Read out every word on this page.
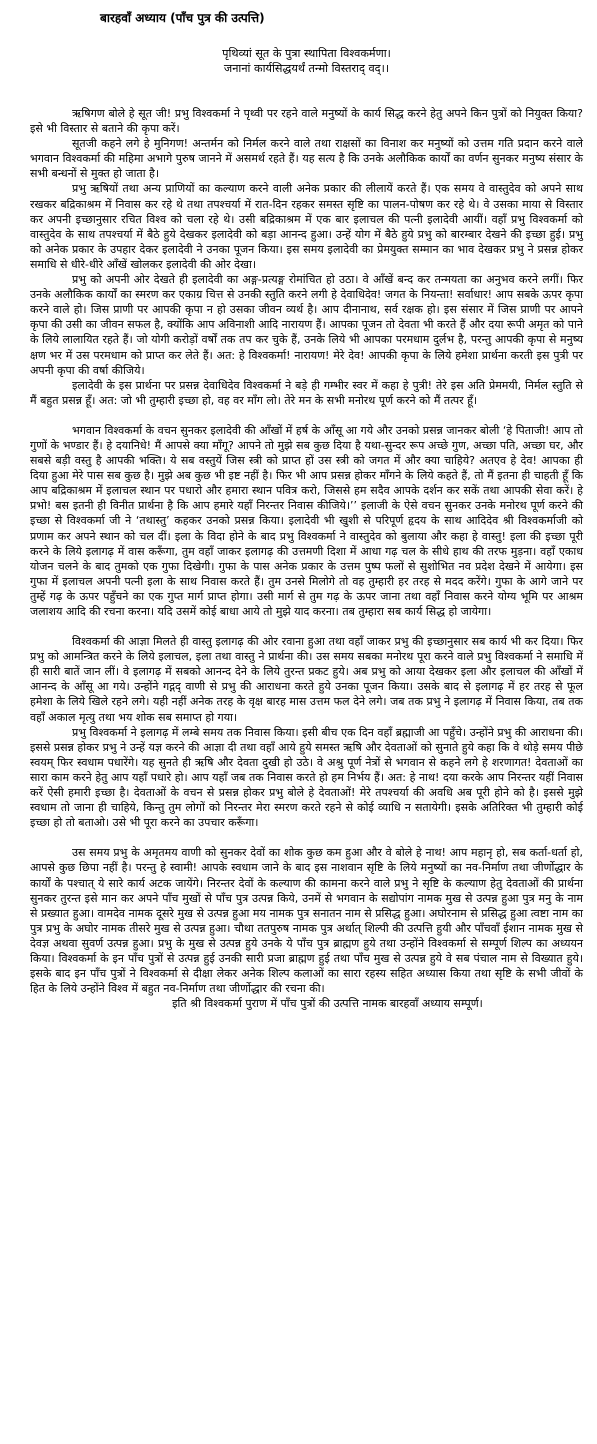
बारहवाँ अध्याय (पाँच पुत्र की उत्पत्ति)
पृथिव्यां सूत के पुत्रा स्थापिता विश्वकर्मणा।
जनानां कार्यसिद्धयर्थं तन्मो विस्तराद् वद्।।

ऋषिगण बोले हे सूत जी! प्रभु विश्वकर्मा ने पृथ्वी पर रहने वाले मनुष्यों के कार्य सिद्ध करने हेतु अपने किन पुत्रों को नियुक्त किया? इसे भी विस्तार से बताने की कृपा करें।

सूतजी कहने लगे हे मुनिगण! अन्तर्मन को निर्मल करने वाले तथा राक्षसों का विनाश कर मनुष्यों को उत्तम गति प्रदान करने वाले भगवान विश्वकर्मा की महिमा अभागे पुरुष जानने में असमर्थ रहते हैं। यह सत्य है कि उनके अलौकिक कार्यों का वर्णन सुनकर मनुष्य संसार के सभी बन्धनों से मुक्त हो जाता है।

प्रभु ऋषियों तथा अन्य प्राणियों का कल्याण करने वाली अनेक प्रकार की लीलायें करते हैं। एक समय वे वास्तुदेव को अपने साथ रखकर बद्रिकाश्रम में निवास कर रहे थे तथा तपश्चर्या में रात-दिन रहकर समस्त सृष्टि का पालन-पोषण कर रहे थे। वे उसका माया से विस्तार कर अपनी इच्छानुसार रचित विश्व को चला रहे थे। उसी बद्रिकाश्रम में एक बार इलाचल की पत्नी इलादेवी आयीं। वहाँ प्रभु विश्वकर्मा को वास्तुदेव के साथ तपश्चर्या में बैठे हुये देखकर इलादेवी को बड़ा आनन्द हुआ। उन्हें योग में बैठे हुये प्रभु को बारम्बार देखने की इच्छा हुई। प्रभु को अनेक प्रकार के उपहार देकर इलादेवी ने उनका पूजन किया। इस समय इलादेवी का प्रेमयुक्त सम्मान का भाव देखकर प्रभु ने प्रसन्न होकर समाधि से धीरे-धीरे आँखें खोलकर इलादेवी की ओर देखा।

प्रभु को अपनी ओर देखते ही इलादेवी का अङ्ग-प्रत्यङ्ग रोमांचित हो उठा। वे आँखें बन्द कर तन्मयता का अनुभव करने लगीं। फिर उनके अलौकिक कार्यों का स्मरण कर एकाग्र चित्त से उनकी स्तुति करने लगी हे देवाधिदेव! जगत के नियन्ता! सर्वाधार! आप सबके ऊपर कृपा करने वाले हो। जिस प्राणी पर आपकी कृपा न हो उसका जीवन व्यर्थ है। आप दीनानाथ, सर्व रक्षक हो। इस संसार में जिस प्राणी पर आपने कृपा की उसी का जीवन सफल है, क्योंकि आप अविनाशी आदि नारायण हैं। आपका पूजन तो देवता भी करते हैं और दया रूपी अमृत को पाने के लिये लालायित रहते हैं। जो योगी करोड़ों वर्षों तक तप कर चुके हैं, उनके लिये भी आपका परमधाम दुर्लभ है, परन्तु आपकी कृपा से मनुष्य क्षण भर में उस परमधाम को प्राप्त कर लेते हैं। अत: हे विश्वकर्मा! नारायण! मेरे देव! आपकी कृपा के लिये हमेशा प्रार्थना करती इस पुत्री पर अपनी कृपा की वर्षा कीजिये।

इलादेवी के इस प्रार्थना पर प्रसन्न देवाधिदेव विश्वकर्मा ने बड़े ही गम्भीर स्वर में कहा हे पुत्री! तेरे इस अति प्रेममयी, निर्मल स्तुति से मैं बहुत प्रसन्न हूँ। अत: जो भी तुम्हारी इच्छा हो, वह वर माँग लो। तेरे मन के सभी मनोरथ पूर्ण करने को मैं तत्पर हूँ।

भगवान विश्वकर्मा के वचन सुनकर इलादेवी की आँखों में हर्ष के आँसू आ गये और उनको प्रसन्न जानकर बोली ‘हे पिताजी! आप तो गुणों के भण्डार हैं। हे दयानिधे! मैं आपसे क्या माँगू? आपने तो मुझे सब कुछ दिया है यथा-सुन्दर रूप अच्छे गुण, अच्छा पति, अच्छा घर, और सबसे बड़ी वस्तु है आपकी भक्ति। ये सब वस्तुयें जिस स्त्री को प्राप्त हों उस स्त्री को जगत में और क्या चाहिये? अतएव हे देव! आपका ही दिया हुआ मेरे पास सब कुछ है। मुझे अब कुछ भी इष्ट नहीं है। फिर भी आप प्रसन्न होकर माँगने के लिये कहते हैं, तो मैं इतना ही चाहती हूँ कि आप बद्रिकाश्रम में इलाचल स्थान पर पधारो और हमारा स्थान पवित्र करो, जिससे हम सदैव आपके दर्शन कर सकें तथा आपकी सेवा करें। हे प्रभो! बस इतनी ही विनीत प्रार्थना है कि आप हमारे यहाँ निरन्तर निवास कीजिये।’’ इलाजी के ऐसे वचन सुनकर उनके मनोरथ पूर्ण करने की इच्छा से विश्वकर्मा जी ने ‘तथास्तु’ कहकर उनको प्रसन्न किया। इलादेवी भी खुशी से परिपूर्ण हृदय के साथ आदिदेव श्री विश्वकर्माजी को प्रणाम कर अपने स्थान को चल दीं। इला के विदा होने के बाद प्रभु विश्वकर्मा ने वास्तुदेव को बुलाया और कहा हे वास्तु! इला की इच्छा पूरी करने के लिये इलागढ़ में वास करूँगा, तुम वहाँ जाकर इलागढ़ की उत्तमणी दिशा में आधा गढ़ चल के सीधे हाथ की तरफ मुड़ना। वहाँ एकाध योजन चलने के बाद तुमको एक गुफा दिखेगी। गुफा के पास अनेक प्रकार के उत्तम पुष्प फलों से सुशोभित नव प्रदेश देखने में आयेगा। इस गुफा में इलाचल अपनी पत्नी इला के साथ निवास करते हैं। तुम उनसे मिलोगे तो वह तुम्हारी हर तरह से मदद करेंगे। गुफा के आगे जाने पर तुम्हें गढ़ के ऊपर पहुँचने का एक गुप्त मार्ग प्राप्त होगा। उसी मार्ग से तुम गढ़ के ऊपर जाना तथा वहाँ निवास करने योग्य भूमि पर आश्रम जलाशय आदि की रचना करना। यदि उसमें कोई बाधा आये तो मुझे याद करना। तब तुम्हारा सब कार्य सिद्ध हो जायेगा।

विश्वकर्मा की आज्ञा मिलते ही वास्तु इलागढ़ की ओर रवाना हुआ तथा वहाँ जाकर प्रभु की इच्छानुसार सब कार्य भी कर दिया। फिर प्रभु को आमन्त्रित करने के लिये इलाचल, इला तथा वास्तु ने प्रार्थना की। उस समय सबका मनोरथ पूरा करने वाले प्रभु विश्वकर्मा ने समाधि में ही सारी बातें जान लीं। वे इलागढ़ में सबको आनन्द देने के लिये तुरन्त प्रकट हुये। अब प्रभु को आया देखकर इला और इलाचल की आँखों में आनन्द के आँसू आ गये। उन्होंने गद्गद् वाणी से प्रभु की आराधना करते हुये उनका पूजन किया। उसके बाद से इलागढ़ में हर तरह से फूल हमेशा के लिये खिले रहने लगे। यही नहीं अनेक तरह के वृक्ष बारह मास उत्तम फल देने लगे। जब तक प्रभु ने इलागढ़ में निवास किया, तब तक वहाँ अकाल मृत्यु तथा भय शोक सब समाप्त हो गया।

प्रभु विश्वकर्मा ने इलागढ़ में लम्बे समय तक निवास किया। इसी बीच एक दिन वहाँ ब्रह्माजी आ पहुँचे। उन्होंने प्रभु की आराधना की। इससे प्रसन्न होकर प्रभु ने उन्हें यज्ञ करने की आज्ञा दी तथा वहाँ आये हुये समस्त ऋषि और देवताओं को सुनाते हुये कहा कि वे थोड़े समय पीछे स्वयम् फिर स्वधाम पधारेंगे। यह सुनते ही ऋषि और देवता दुखी हो उठे। वे अश्रु पूर्ण नेत्रों से भगवान से कहने लगे हे शरणागत! देवताओं का सारा काम करने हेतु आप यहाँ पधारे हो। आप यहाँ जब तक निवास करते हो हम निर्भय हैं। अत: हे नाथ! दया करके आप निरन्तर यहीं निवास करें ऐसी हमारी इच्छा है। देवताओं के वचन से प्रसन्न होकर प्रभु बोले हे देवताओं! मेरे तपश्चर्या की अवधि अब पूरी होने को है। इससे मुझे स्वधाम तो जाना ही चाहिये, किन्तु तुम लोगों को निरन्तर मेरा स्मरण करते रहने से कोई व्याधि न सतायेगी। इसके अतिरिक्त भी तुम्हारी कोई इच्छा हो तो बताओ। उसे भी पूरा करने का उपचार करूँगा।

उस समय प्रभु के अमृतमय वाणी को सुनकर देवों का शोक कुछ कम हुआ और वे बोले हे नाथ! आप महानृ हो, सब कर्ता-धर्ता हो, आपसे कुछ छिपा नहीं है। परन्तु हे स्वामी! आपके स्वधाम जाने के बाद इस नाशवान सृष्टि के लिये मनुष्यों का नव-निर्माण तथा जीर्णोद्धार के कार्यों के पश्चात् ये सारे कार्य अटक जायेंगे। निरन्तर देवों के कल्याण की कामना करने वाले प्रभु ने सृष्टि के कल्याण हेतु देवताओं की प्रार्थना सुनकर तुरन्त इसे मान कर अपने पाँच मुखों से पाँच पुत्र उत्पन्न किये, उनमें से भगवान के सद्योपांग नामक मुख से उत्पन्न हुआ पुत्र मनु के नाम से प्रख्यात हुआ। वामदेव नामक दूसरे मुख से उत्पन्न हुआ मय नामक पुत्र सनातन नाम से प्रसिद्ध हुआ। अघोरनाम से प्रसिद्ध हुआ त्वष्टा नाम का पुत्र प्रभु के अघोर नामक तीसरे मुख से उत्पन्न हुआ। चौथा ततपुरुष नामक पुत्र अर्थात् शिल्पी की उत्पत्ति हुयी और पाँचवाँ ईशान नामक मुख से देवज्ञ अथवा सुवर्ण उत्पन्न हुआ। प्रभु के मुख से उत्पन्न हुये उनके ये पाँच पुत्र ब्राह्मण हुये तथा उन्होंने विश्वकर्मा से सम्पूर्ण शिल्प का अध्ययन किया। विश्वकर्मा के इन पाँच पुत्रों से उत्पन्न हुई उनकी सारी प्रजा ब्राह्मण हुई तथा पाँच मुख से उत्पन्न हुये वे सब पंचाल नाम से विख्यात हुये। इसके बाद इन पाँच पुत्रों ने विश्वकर्मा से दीक्षा लेकर अनेक शिल्प कलाओं का सारा रहस्य सहित अध्यास किया तथा सृष्टि के सभी जीवों के हित के लिये उन्होंने विश्व में बहुत नव-निर्माण तथा जीर्णोद्धार की रचना की।

इति श्री विश्वकर्मा पुराण में पाँच पुत्रों की उत्पत्ति नामक बारहवाँ अध्याय सम्पूर्ण।
